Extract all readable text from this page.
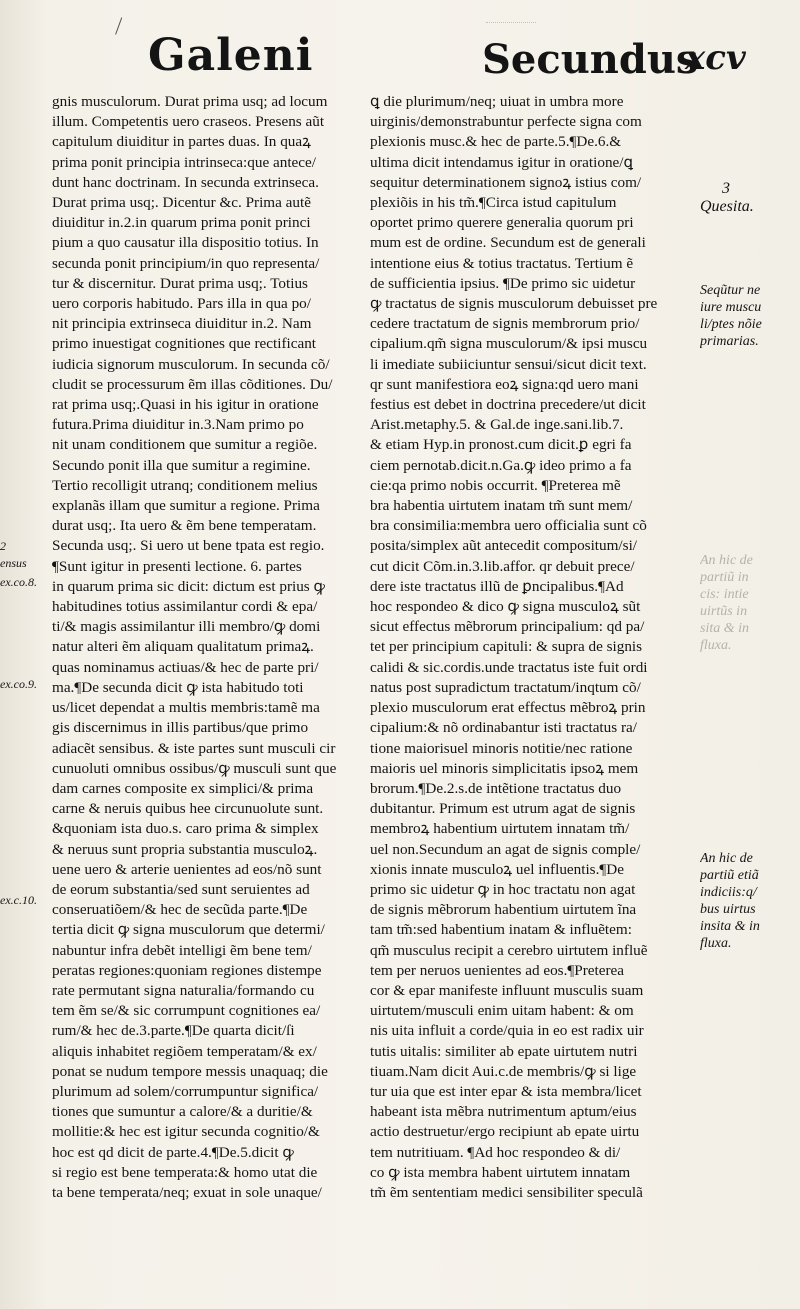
Galeni	Secundus
xcv
gnis musculorum. Durat prima usq; ad locum
illum. Competentis uero craseos. Presens aũt
capitulum diuiditur in partes duas. In quaꝝ
prima ponit principia intrinseca:que antece/
dunt hanc doctrinam. In secunda extrinseca.
Durat prima usq;. Dicentur &c. Prima autẽ
diuiditur in.2.in quarum prima ponit princi
pium a quo causatur illa dispositio totius. In
secunda ponit principium/in quo representa/
tur & discernitur. Durat prima usq;. Totius
uero corporis habitudo. Pars illa in qua po/
nit principia extrinseca diuiditur in.2. Nam
primo inuestigat cognitiones que rectificant
iudicia signorum musculorum. In secunda cõ/
cludit se processurum ẽm illas cõditiones. Du/
rat prima usq;.Quasi in his igitur in oratione
futura.Prima diuiditur in.3.Nam primo po
nit unam conditionem que sumitur a regiõe.
Secundo ponit illa que sumitur a regimine.
Tertio recolligit utranq; conditionem melius
explanãs illam que sumitur a regione. Prima
durat usq;. Ita uero & ẽm bene temperatam.
Secunda usq;. Si uero ut bene tpata est regio.
¶Sunt igitur in presenti lectione. 6. partes
in quarum prima sic dicit: dictum est prius ꝙ
habitudines totius assimilantur cordi & epa/
ti/& magis assimilantur illi membro/ꝙ domi
natur alteri ẽm aliquam qualitatum primaꝝ.
quas nominamus actiuas/& hec de parte pri/
ma.¶De secunda dicit ꝙ ista habitudo toti
us/licet dependat a multis membris:tamẽ ma
gis discernimus in illis partibus/que primo
adiacẽt sensibus. & iste partes sunt musculi cir
cunuoluti omnibus ossibus/ꝙ musculi sunt que
dam carnes composite ex simplici/& prima
carne & neruis quibus hee circunuolute sunt.
&quoniam ista duo.s. caro prima & simplex
& neruus sunt propria substantia musculoꝝ.
uene uero & arterie uenientes ad eos/nõ sunt
de eorum substantia/sed sunt seruientes ad
conseruatiõem/& hec de secũda parte.¶De
tertia dicit ꝙ signa musculorum que determi/
nabuntur infra debẽt intelligi ẽm bene tem/
peratas regiones:quoniam regiones distempe
rate permutant signa naturalia/formando cu
tem ẽm se/& sic corrumpunt cognitiones ea/
rum/& hec de.3.parte.¶De quarta dicit/ſi
aliquis inhabitet regiõem temperatam/& ex/
ponat se nudum tempore messis unaquaq; die
plurimum ad solem/corrumpuntur significa/
tiones que sumuntur a calore/& a duritie/&
mollitie:& hec est igitur secunda cognitio/&
hoc est qd dicit de parte.4.¶De.5.dicit ꝙ
si regio est bene temperata:& homo utat die
ta bene temperata/neq; exuat in sole unaque/
ꝗ die plurimum/neq; uiuat in umbra more
uirginis/demonstrabuntur perfecte signa com
plexionis musc.& hec de parte.5.¶De.6.&
ultima dicit intendamus igitur in oratione/ꝗ
sequitur determinationem signoꝝ istius com/
plexiõis in his tm̃.¶Circa istud capitulum
oportet primo querere generalia quorum pri
mum est de ordine. Secundum est de generali
intentione eius & totius tractatus. Tertium ẽ
de sufficientia ipsius. ¶De primo sic uidetur
ꝙ tractatus de signis musculorum debuisset pre
cedere tractatum de signis membrorum prio/
cipalium.qm̃ signa musculorum/& ipsi muscu
li imediate subiiciuntur sensui/sicut dicit text.
qr sunt manifestiora eoꝝ signa:qd uero mani
festius est debet in doctrina precedere/ut dicit
Arist.metaphy.5. & Gal.de inge.sani.lib.7.
& etiam Hyp.in pronost.cum dicit.ꝑ egri fa
ciem pernotab.dicit.n.Ga.ꝙ ideo primo a fa
cie:qa primo nobis occurrit. ¶Preterea mẽ
bra habentia uirtutem inatam tm̃ sunt mem/
bra consimilia:membra uero officialia sunt cõ
posita/simplex aũt antecedit compositum/si/
cut dicit Cõm.in.3.lib.affor. qr debuit prece/
dere iste tractatus illũ de ꝑncipalibus.¶Ad
hoc respondeo & dico ꝙ signa musculoꝝ sũt
sicut effectus mẽbrorum principalium: qd pa/
tet per principium capituli: & supra de signis
calidi & sic.cordis.unde tractatus iste fuit ordi
natus post supradictum tractatum/inqtum cõ/
plexio musculorum erat effectus mẽbroꝝ prin
cipalium:& nõ ordinabantur isti tractatus ra/
tione maiorisuel minoris notitie/nec ratione
maioris uel minoris simplicitatis ipsoꝝ mem
brorum.¶De.2.s.de intẽtione tractatus duo
dubitantur. Primum est utrum agat de signis
membroꝝ habentium uirtutem innatam tm̃/
uel non.Secundum an agat de signis comple/
xionis innate musculoꝝ uel influentis.¶De
primo sic uidetur ꝙ in hoc tractatu non agat
de signis mẽbrorum habentium uirtutem ĩna
tam tm̃:sed habentium inatam & influẽtem:
qm̃ musculus recipit a cerebro uirtutem influẽ
tem per neruos uenientes ad eos.¶Preterea
cor & epar manifeste influunt musculis suam
uirtutem/musculi enim uitam habent: & om
nis uita influit a corde/quia in eo est radix uir
tutis uitalis: similiter ab epate uirtutem nutri
tiuam.Nam dicit Aui.c.de membris/ꝙ si lige
tur uia que est inter epar & ista membra/licet
habeant ista mẽbra nutrimentum aptum/eius
actio destruetur/ergo recipiunt ab epate uirtu
tem nutritiuam. ¶Ad hoc respondeo & di/
co ꝙ ista membra habent uirtutem innatam
tm̃ ẽm sententiam medici sensibiliter speculã
2
ensus
ex.co.8.
ex.co.9.
ex.c.10.
3
Quesita.
Seqũtur ne
iure muscu
li/ptes nõie
primarias.
An hic de
partiũ in
cis: intie
uirtũs in
sita & in
fluxa.
An hic de
partiũ etiã
indiciis:q/
bus uirtus
insita & in
fluxa.
